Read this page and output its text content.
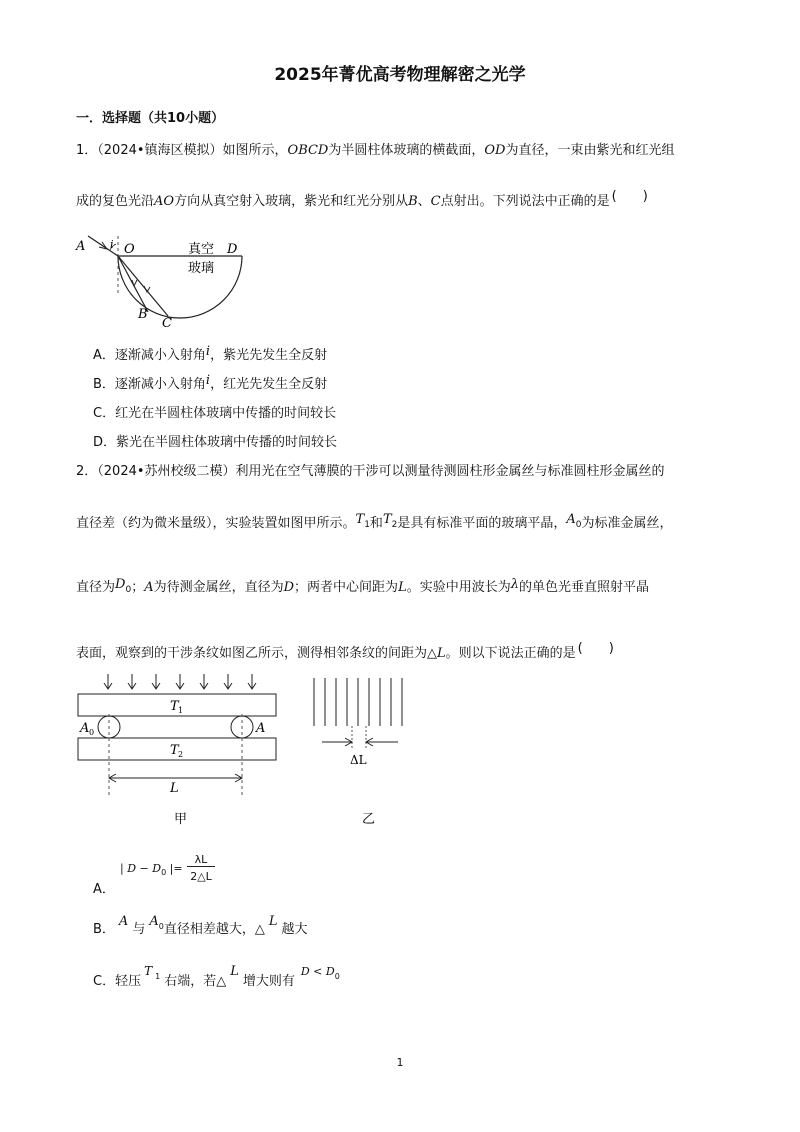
2025年菁优高考物理解密之光学
一．选择题（共10小题）
1．（2024•镇海区模拟）如图所示，OBCD为半圆柱体玻璃的横截面，OD为直径，一束由紫光和红光组
成的复色光沿AO方向从真空射入玻璃，紫光和红光分别从B、C点射出。下列说法中正确的是 (　　)
A i O	D
真空
玻璃
B
C
A．逐渐减小入射角i，紫光先发生全反射
B．逐渐减小入射角i，红光先发生全反射
C．红光在半圆柱体玻璃中传播的时间较长
D．紫光在半圆柱体玻璃中传播的时间较长
2．（2024•苏州校级二模）利用光在空气薄膜的干涉可以测量待测圆柱形金属丝与标准圆柱形金属丝的
直径差（约为微米量级），实验装置如图甲所示。$T_1$和$T_2$是具有标准平面的玻璃平晶，$A_0$为标准金属丝，
直径为$D_0$；A为待测金属丝，直径为D；两者中心间距为L。实验中用波长为λ的单色光垂直照射平晶
表面，观察到的干涉条纹如图乙所示，测得相邻条纹的间距为△L。则以下说法正确的是 (　　)
T 1
T 2
A 0	A
L
甲
ΔL
乙
A．
| $D - D_0$ |=
λL
2△L
B．A与$A_0$直径相差越大，△L越大
C．轻压T $_1$ 右端，若△L增大则有$^{D < D}_0$
1
